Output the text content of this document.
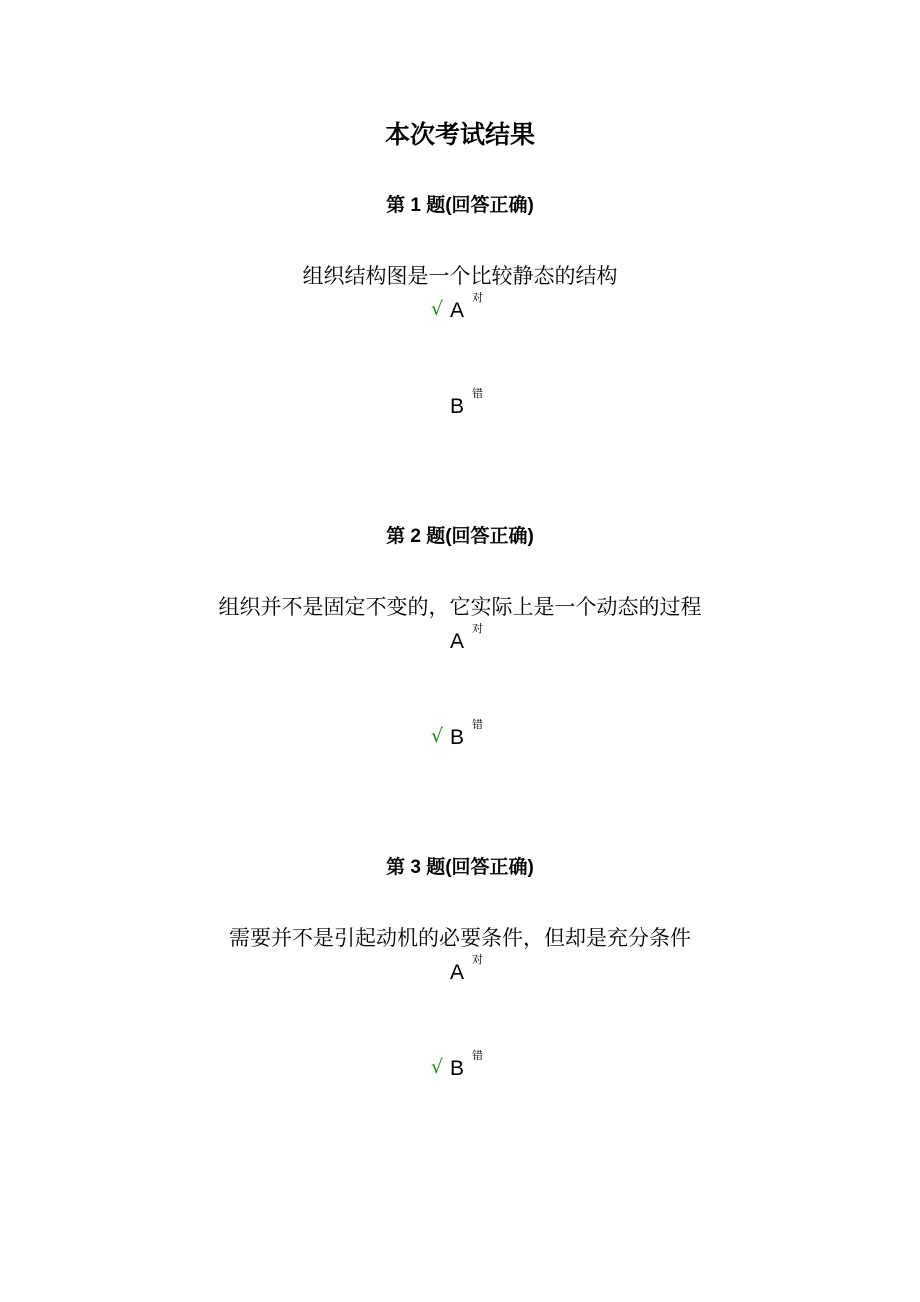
本次考试结果
第 1 题(回答正确)
组织结构图是一个比较静态的结构
√ A
对
B
错
第 2 题(回答正确)
组织并不是固定不变的，它实际上是一个动态的过程
A
对
√ B
错
第 3 题(回答正确)
需要并不是引起动机的必要条件，但却是充分条件
A
对
√ B
错
